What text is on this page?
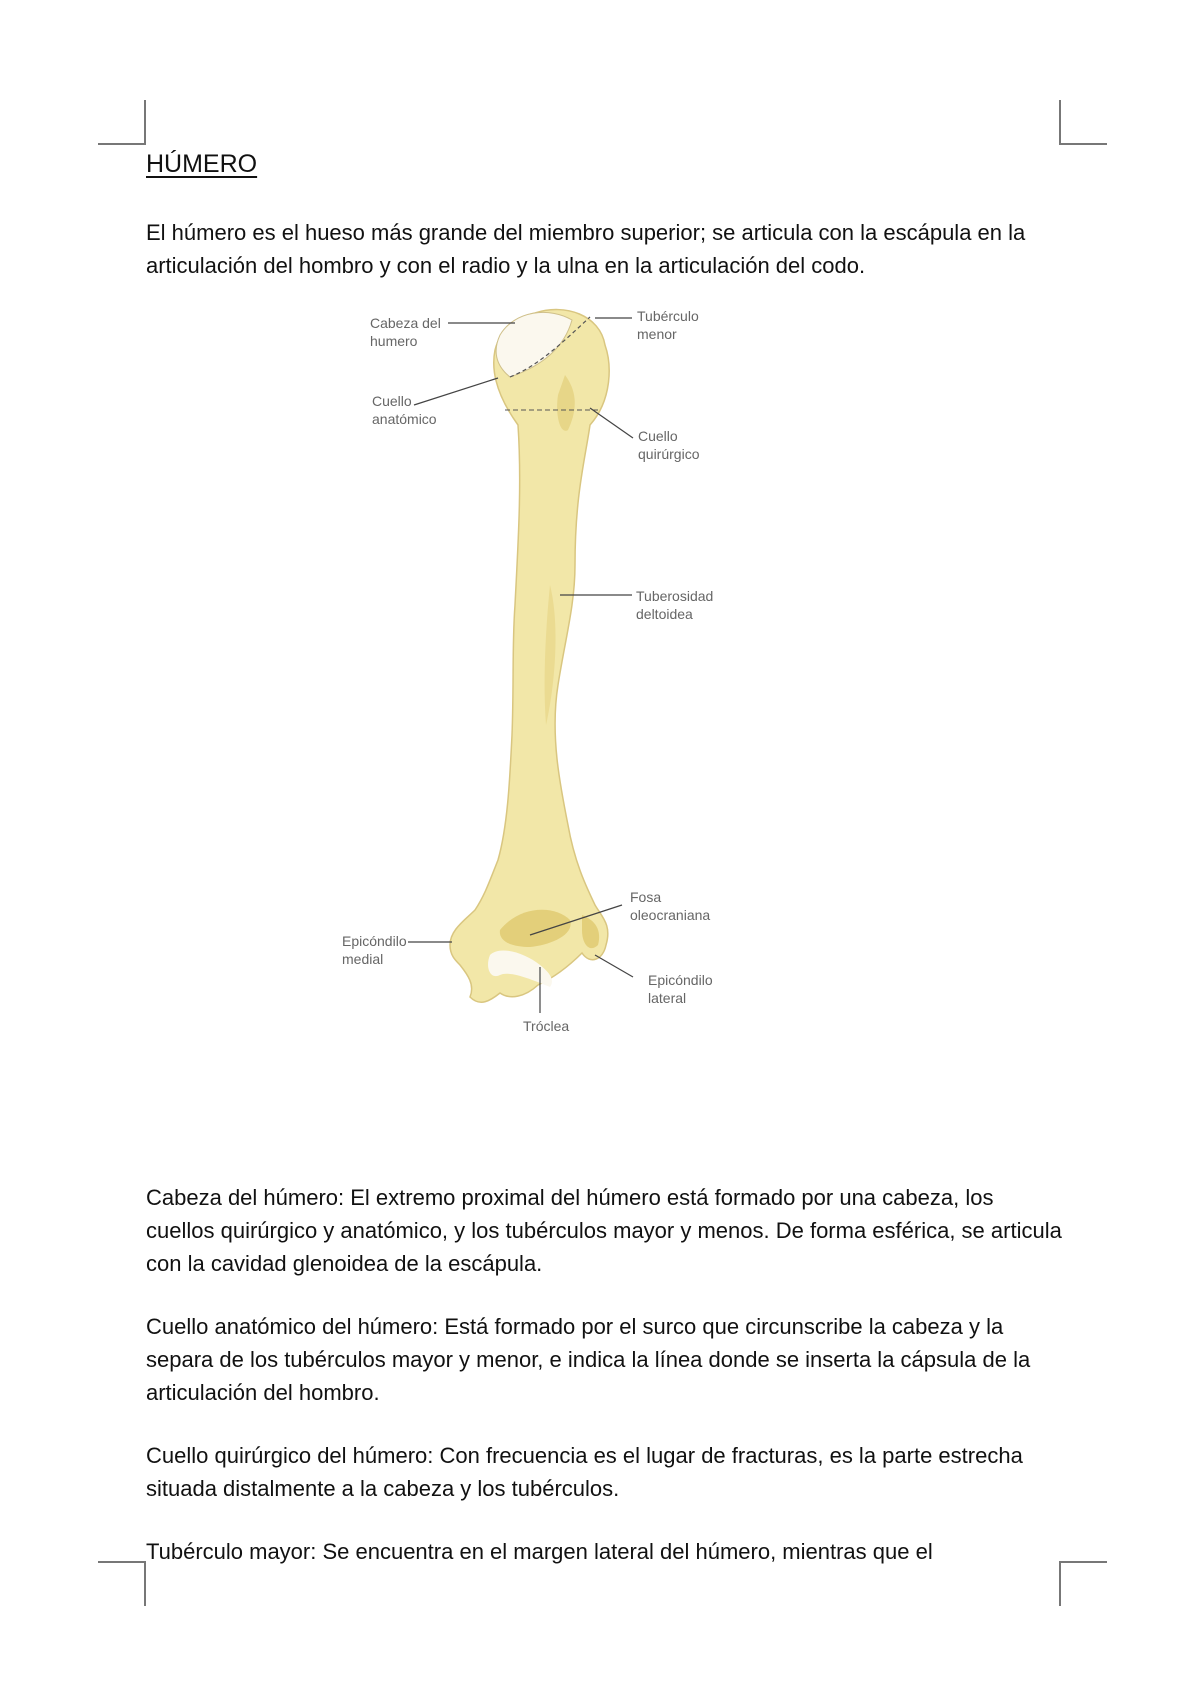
HÚMERO

El húmero es el hueso más grande del miembro superior; se articula con la escápula en la articulación del hombro y con el radio y la ulna en la articulación del codo.

Cabeza del
humero
Tubérculo
menor
Cuello
anatómico
Cuello
quirúrgico
Tuberosidad
deltoidea
Fosa
oleocraniana
Epicóndilo
medial
Epicóndilo
lateral
Tróclea

Cabeza del húmero: El extremo proximal del húmero está formado por una cabeza, los cuellos quirúrgico y anatómico, y los tubérculos mayor y menos. De forma esférica, se articula con la cavidad glenoidea de la escápula.

Cuello anatómico del húmero: Está formado por el surco que circunscribe la cabeza y la separa de los tubérculos mayor y menor, e indica la línea donde se inserta la cápsula de la articulación del hombro.

Cuello quirúrgico del húmero: Con frecuencia es el lugar de fracturas, es la parte estrecha situada distalmente a la cabeza y los tubérculos.

Tubérculo mayor: Se encuentra en el margen lateral del húmero, mientras que el
